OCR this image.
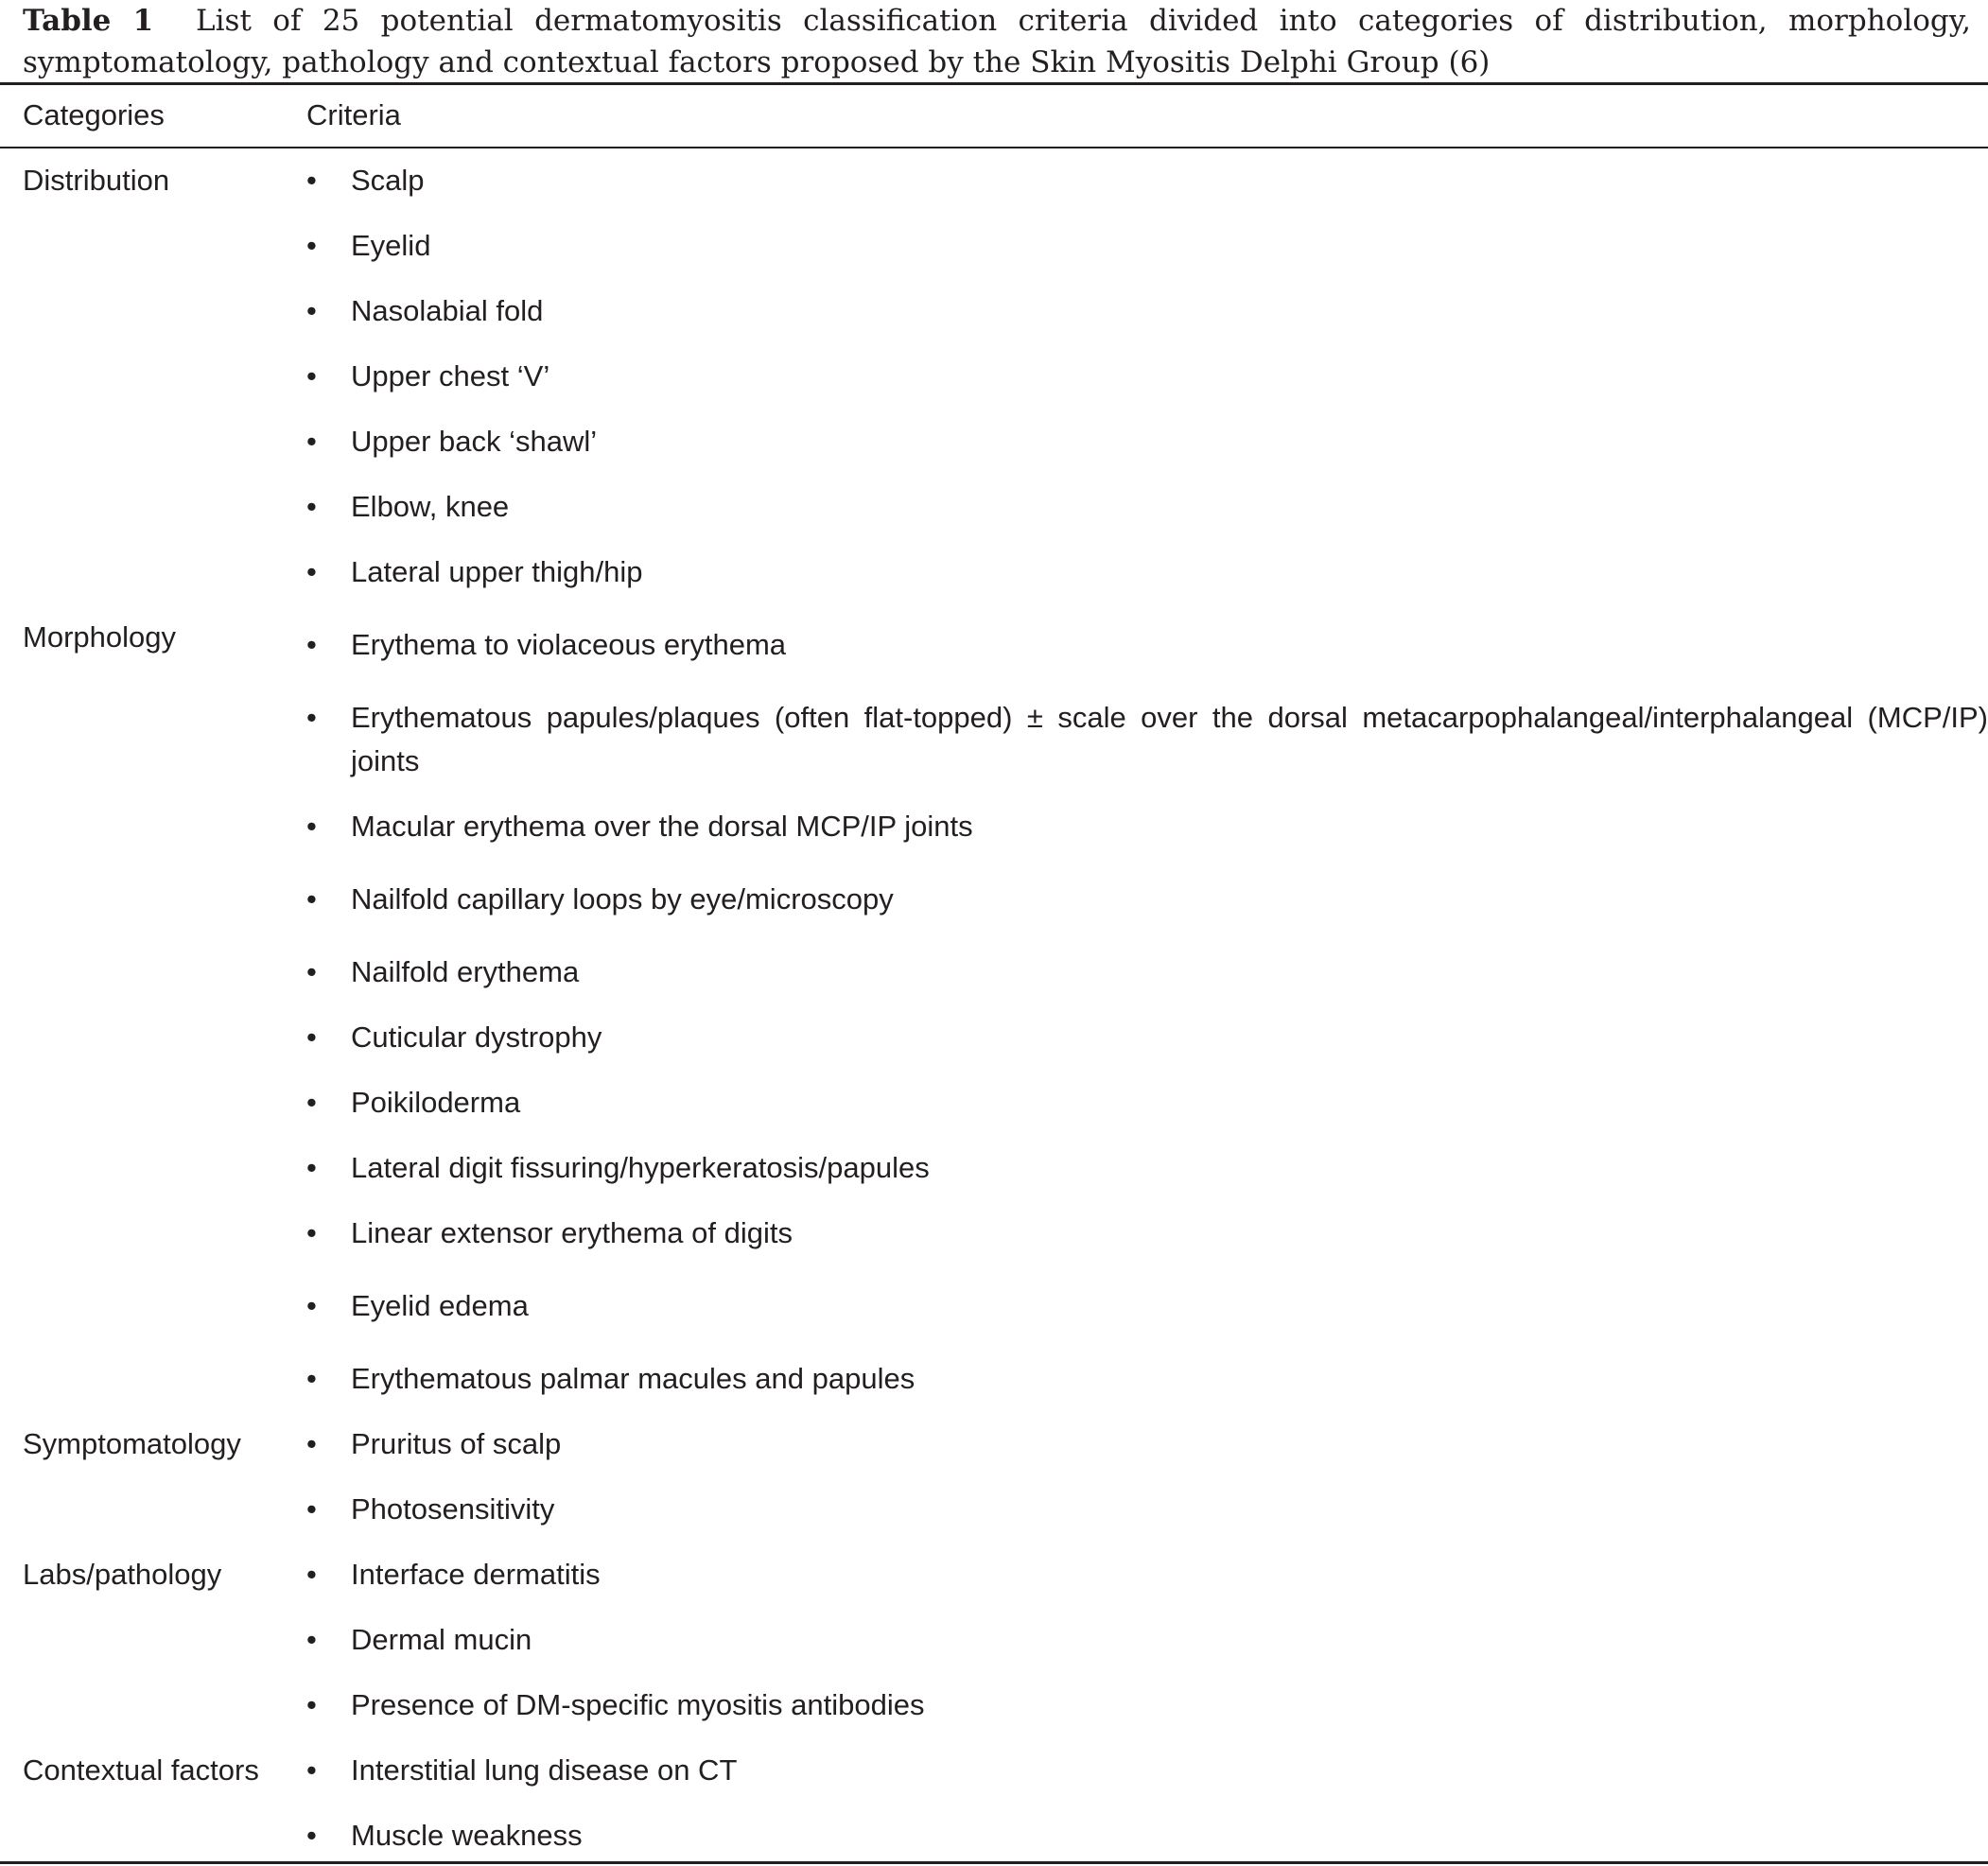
Table 1 List of 25 potential dermatomyositis classification criteria divided into categories of distribution, morphology, symptomatology, pathology and contextual factors proposed by the Skin Myositis Delphi Group (6)
Categories	Criteria
Distribution	• Scalp
• Eyelid
• Nasolabial fold
• Upper chest ‘V’
• Upper back ‘shawl’
• Elbow, knee
• Lateral upper thigh/hip
Morphology	• Erythema to violaceous erythema
• Erythematous papules/plaques (often flat-topped) ± scale over the dorsal metacarpophalangeal/interphalangeal (MCP/IP) joints
• Macular erythema over the dorsal MCP/IP joints
• Nailfold capillary loops by eye/microscopy
• Nailfold erythema
• Cuticular dystrophy
• Poikiloderma
• Lateral digit fissuring/hyperkeratosis/papules
• Linear extensor erythema of digits
• Eyelid edema
• Erythematous palmar macules and papules
Symptomatology • Pruritus of scalp
• Photosensitivity
Labs/pathology	• Interface dermatitis
• Dermal mucin
• Presence of DM-specific myositis antibodies
Contextual factors • Interstitial lung disease on CT
• Muscle weakness
